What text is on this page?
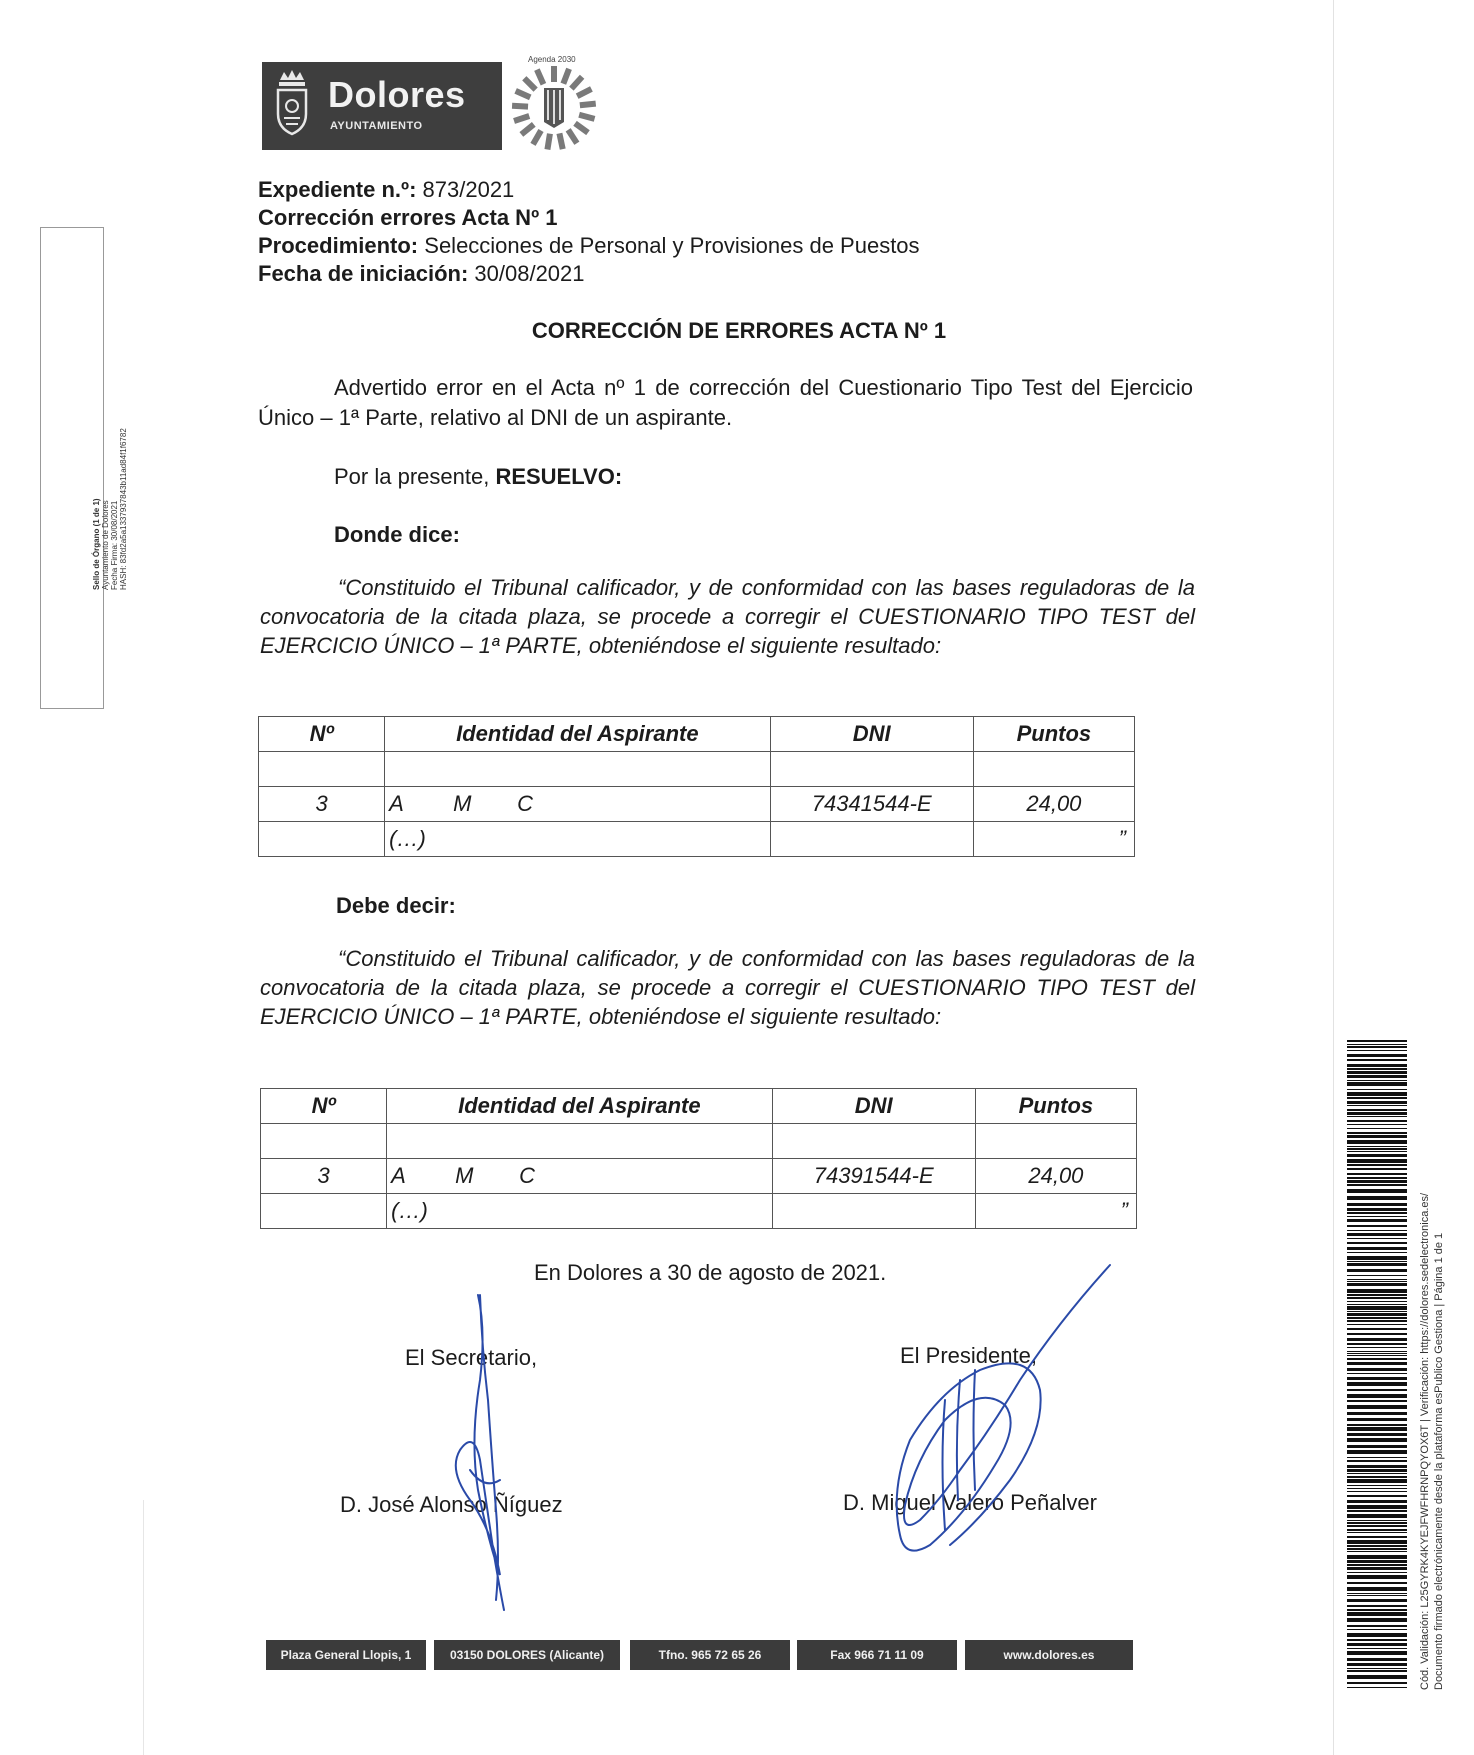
Dolores
AYUNTAMIENTO
Agenda 2030
Expediente n.º: 873/2021
Corrección errores Acta Nº 1
Procedimiento: Selecciones de Personal y Provisiones de Puestos
Fecha de iniciación: 30/08/2021
CORRECCIÓN DE ERRORES ACTA Nº 1
Advertido error en el Acta nº 1 de corrección del Cuestionario Tipo Test del Ejercicio Único – 1ª Parte, relativo al DNI de un aspirante.
Por la presente, RESUELVO:
Donde dice:
“Constituido el Tribunal calificador, y de conformidad con las bases reguladoras de la convocatoria de la citada plaza, se procede a corregir el CUESTIONARIO TIPO TEST del EJERCICIO ÚNICO – 1ª PARTE, obteniéndose el siguiente resultado:
Nº	Identidad del Aspirante	DNI	Puntos

3	A M C	74341544-E	24,00
	(…)		”
Debe decir:
“Constituido el Tribunal calificador, y de conformidad con las bases reguladoras de la convocatoria de la citada plaza, se procede a corregir el CUESTIONARIO TIPO TEST del EJERCICIO ÚNICO – 1ª PARTE, obteniéndose el siguiente resultado:
Nº	Identidad del Aspirante	DNI	Puntos

3	A M C	74391544-E	24,00
	(…)		”
En Dolores a 30 de agosto de 2021.
El Secretario,	El Presidente,
D. José Alonso Ñíguez	D. Miguel Valero Peñalver
Plaza General Llopis, 1	03150 DOLORES (Alicante)	Tfno. 965 72 65 26	Fax 966 71 11 09	www.dolores.es
Sello de Órgano (1 de 1) Ayuntamiento de Dolores Fecha Firma: 30/08/2021 HASH: 83fd2a5a1337937843b11ad84f1f6782
Cód. Validación: L25GYRK4KYEJFWFHRNPQYOX6T | Verificación: https://dolores.sedelectronica.es/ Documento firmado electrónicamente desde la plataforma esPublico Gestiona | Página 1 de 1
